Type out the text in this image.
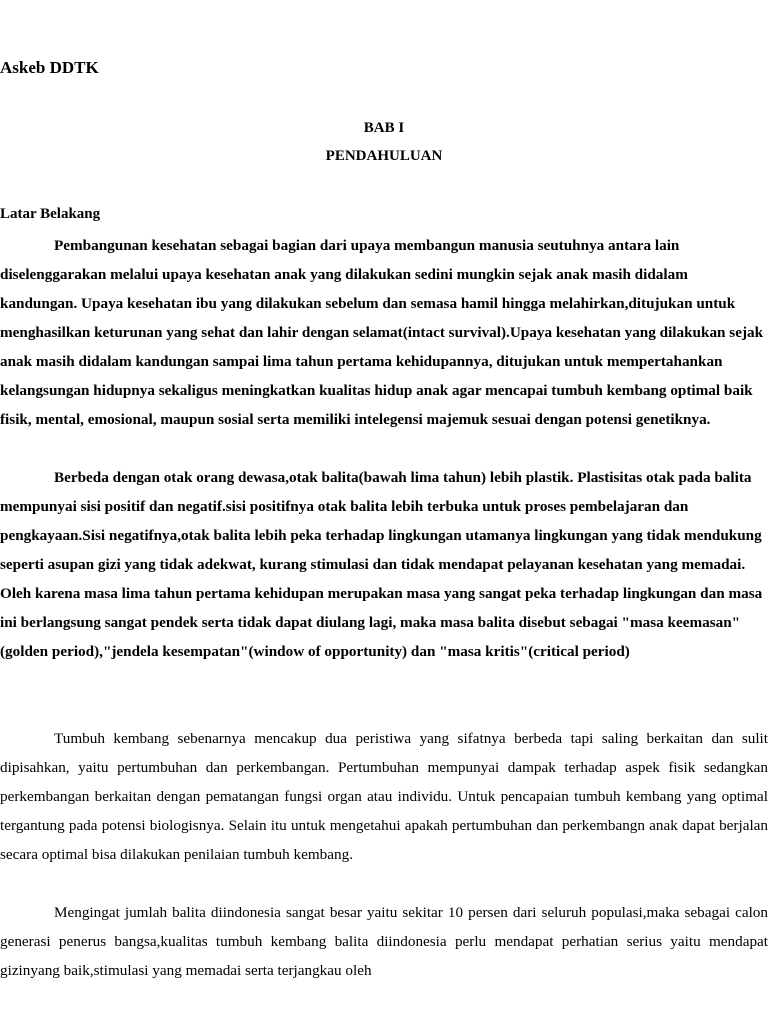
Askeb DDTK
BAB I
PENDAHULUAN
Latar Belakang

Pembangunan kesehatan sebagai bagian dari upaya membangun manusia seutuhnya antara lain diselenggarakan melalui upaya kesehatan anak yang dilakukan sedini mungkin sejak anak masih didalam kandungan. Upaya kesehatan ibu yang dilakukan sebelum dan semasa hamil hingga melahirkan,ditujukan untuk menghasilkan keturunan yang sehat dan lahir dengan selamat(intact survival).Upaya kesehatan yang dilakukan sejak anak masih didalam kandungan sampai lima tahun pertama kehidupannya, ditujukan untuk mempertahankan kelangsungan hidupnya sekaligus meningkatkan kualitas hidup anak agar mencapai tumbuh kembang optimal baik fisik, mental, emosional, maupun sosial serta memiliki intelegensi majemuk sesuai dengan potensi genetiknya.

Berbeda dengan otak orang dewasa,otak balita(bawah lima tahun) lebih plastik. Plastisitas otak pada balita mempunyai sisi positif dan negatif.sisi positifnya otak balita lebih terbuka untuk proses pembelajaran dan pengkayaan.Sisi negatifnya,otak balita lebih peka terhadap lingkungan utamanya lingkungan yang tidak mendukung seperti asupan gizi yang tidak adekwat, kurang stimulasi dan tidak mendapat pelayanan kesehatan yang memadai. Oleh karena masa lima tahun pertama kehidupan merupakan masa yang sangat peka terhadap lingkungan dan masa ini berlangsung sangat pendek serta tidak dapat diulang lagi, maka masa balita disebut sebagai "masa keemasan"(golden period),"jendela kesempatan"(window of opportunity) dan "masa kritis"(critical period)

Tumbuh kembang sebenarnya mencakup dua peristiwa yang sifatnya berbeda tapi saling berkaitan dan sulit dipisahkan, yaitu pertumbuhan dan perkembangan. Pertumbuhan mempunyai dampak terhadap aspek fisik sedangkan perkembangan berkaitan dengan pematangan fungsi organ atau individu. Untuk pencapaian tumbuh kembang yang optimal tergantung pada potensi biologisnya. Selain itu untuk mengetahui apakah pertumbuhan dan perkembangn anak dapat berjalan secara optimal bisa dilakukan penilaian tumbuh kembang.

Mengingat jumlah balita diindonesia sangat besar yaitu sekitar 10 persen dari seluruh populasi,maka sebagai calon generasi penerus bangsa,kualitas tumbuh kembang balita diindonesia perlu mendapat perhatian serius yaitu mendapat gizinyang baik,stimulasi yang memadai serta terjangkau oleh
